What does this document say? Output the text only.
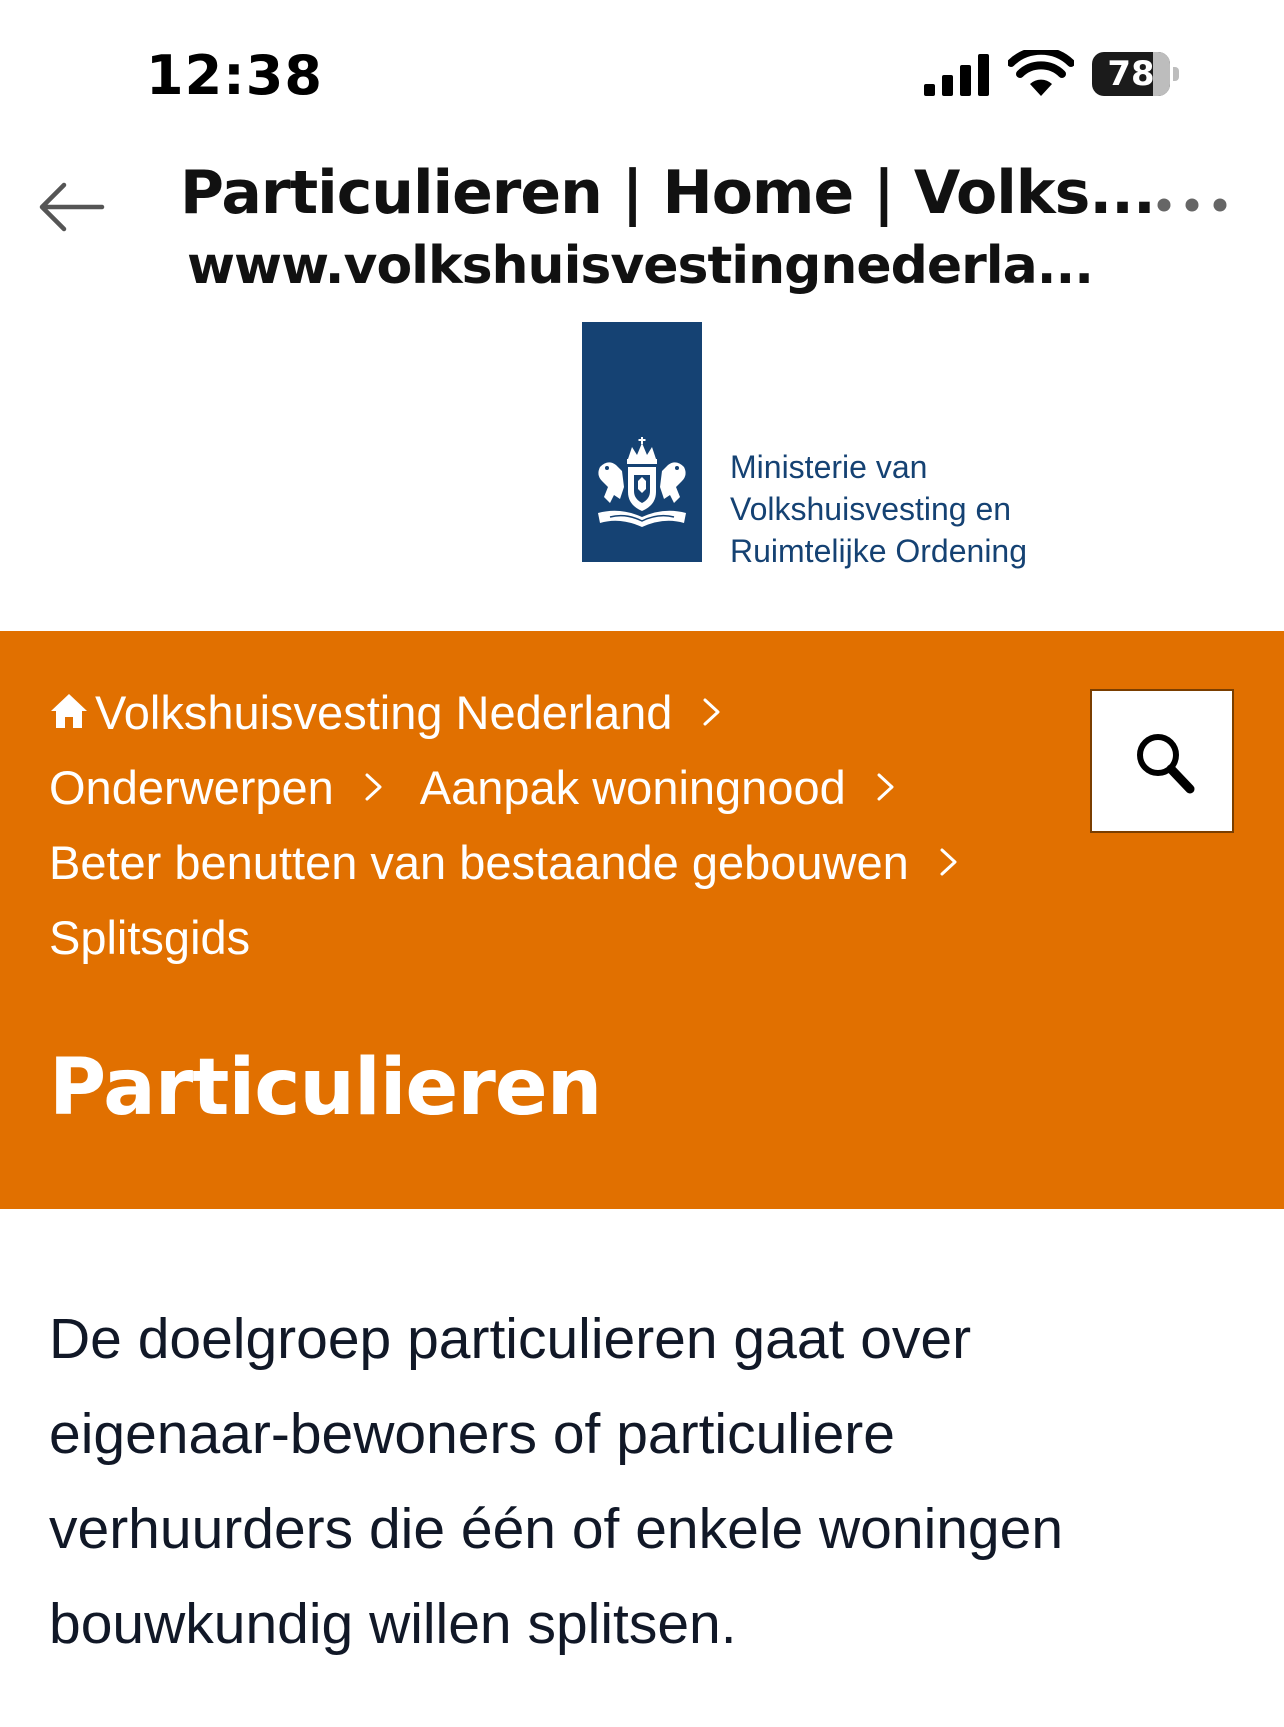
12:38	78
Particulieren | Home | Volks...
www.volkshuisvestingnederla...
Ministerie van
Volkshuisvesting en
Ruimtelijke Ordening
Volkshuisvesting Nederland
Onderwerpen Aanpak woningnood
Beter benutten van bestaande gebouwen
Splitsgids
Particulieren
De doelgroep particulieren gaat over
eigenaar-bewoners of particuliere
verhuurders die één of enkele woningen
bouwkundig willen splitsen.
